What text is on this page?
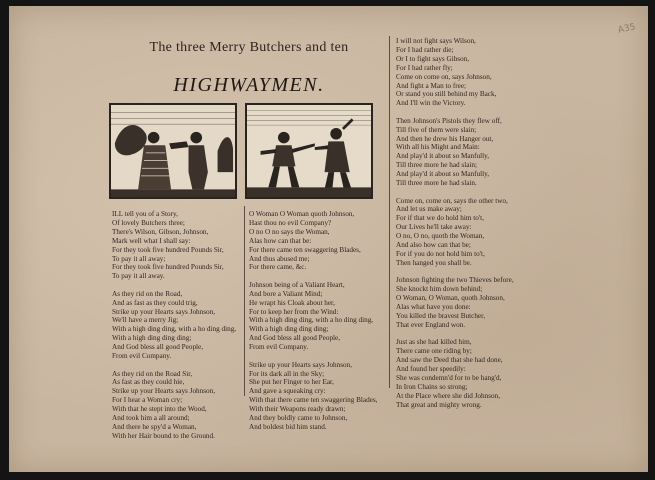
A35
The three Merry Butchers and ten
HIGHWAYMEN.
ILL tell you of a Story,
Of lovely Butchers three;
There's Wilson, Gibson, Johnson,
Mark well what I shall say:
For they took five hundred Pounds Sir,
To pay it all away;
For they took five hundred Pounds Sir,
To pay it all away.
As they rid on the Road,
And as fast as they could trig,
Strike up your Hearts says Johnson,
We'll have a merry Jig;
With a high ding ding, with a ho ding ding,
With a high ding ding ding;
And God bless all good People,
From evil Company.
As they rid on the Road Sir,
As fast as they could hie,
Strike up your Hearts says Johnson,
For I hear a Woman cry;
With that he stept into the Wood,
And took him a all around;
And there he spy'd a Woman,
With her Hair bound to the Ground.
O Woman O Woman quoth Johnson,
Hast thou no evil Company?
O no O no says the Woman,
Alas how can that be:
For there came ten swaggering Blades,
And thus abused me;
For there came, &c.
Johnson being of a Valiant Heart,
And bore a Valiant Mind;
He wrapt his Cloak about her,
For to keep her from the Wind:
With a high ding ding, with a ho ding ding,
With a high ding ding ding;
And God bless all good People,
From evil Company.
Strike up your Hearts says Johnson,
For its dark all in the Sky;
She put her Finger to her Ear,
And gave a squeaking cry:
With that there came ten swaggering Blades,
With their Weapons ready drawn;
And they boldly came to Johnson,
And boldest bid him stand.
I will not fight says Wilson,
For I had rather die;
Or I to fight says Gibson,
For I had rather fly;
Come on come on, says Johnson,
And fight a Man to free;
Or stand you still behind my Back,
And I'll win the Victory.
Then Johnson's Pistols they flew off,
Till five of them were slain;
And then he drew his Hanger out,
With all his Might and Main:
And play'd it about so Manfully,
Till three more he had slain;
And play'd it about so Manfully,
Till three more he had slain.
Come on, come on, says the other two,
And let us make away;
For if that we do hold him to't,
Our Lives he'll take away:
O no, O no, quoth the Woman,
And also how can that be;
For if you do not hold him to't,
Then hanged you shall be.
Johnson fighting the two Thieves before,
She knockt him down behind;
O Woman, O Woman, quoth Johnson,
Alas what have you done:
You killed the bravest Butcher,
That ever England won.
Just as she had killed him,
There came one riding by;
And saw the Deed that she had done,
And found her speedily:
She was condemn'd for to be hang'd,
In Iron Chains so strong;
At the Place where she did Johnson,
That great and mighty wrong.
